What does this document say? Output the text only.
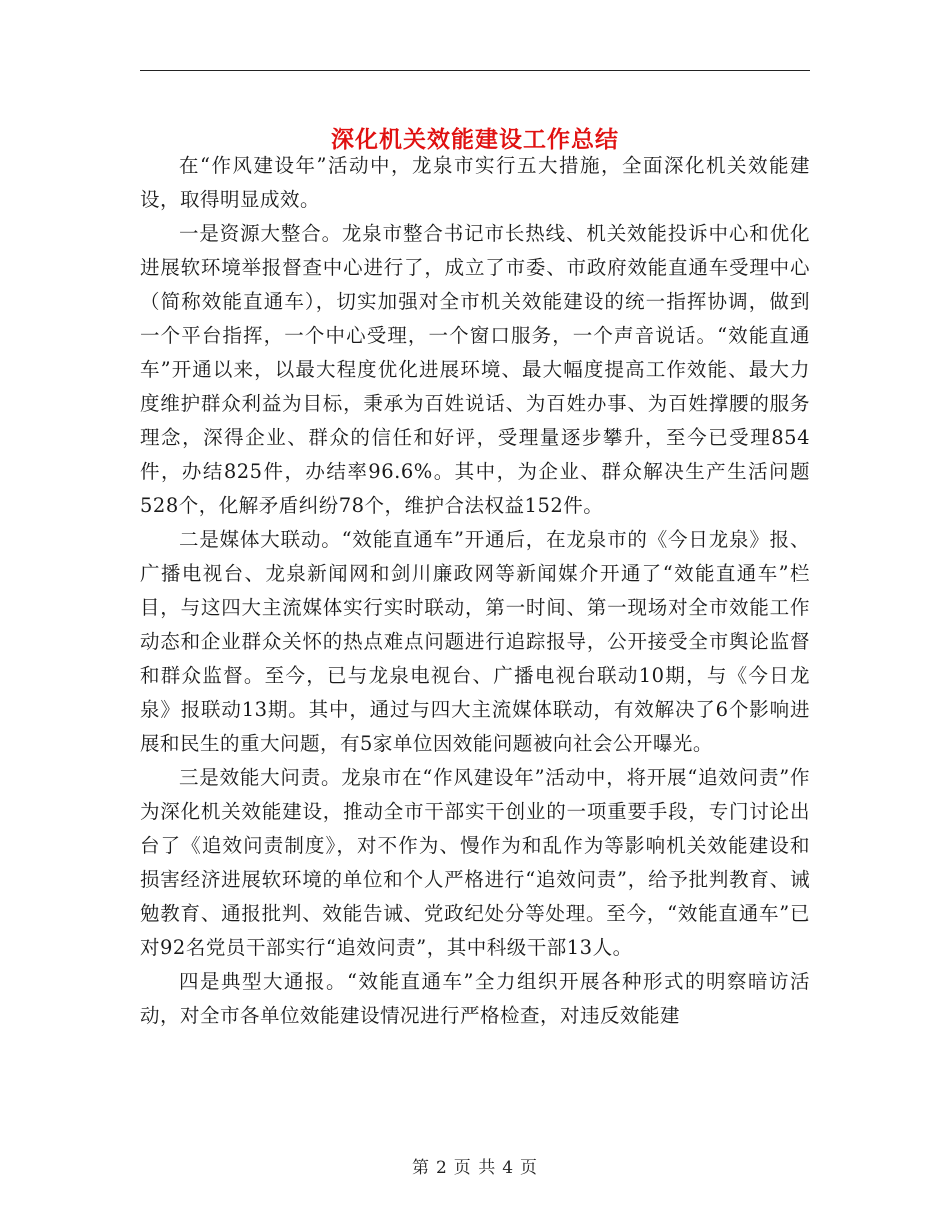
深化机关效能建设工作总结

在“作风建设年”活动中，龙泉市实行五大措施，全面深化机关效能建设，取得明显成效。

一是资源大整合。龙泉市整合书记市长热线、机关效能投诉中心和优化进展软环境举报督查中心进行了，成立了市委、市政府效能直通车受理中心（简称效能直通车），切实加强对全市机关效能建设的统一指挥协调，做到一个平台指挥，一个中心受理，一个窗口服务，一个声音说话。“效能直通车”开通以来，以最大程度优化进展环境、最大幅度提高工作效能、最大力度维护群众利益为目标，秉承为百姓说话、为百姓办事、为百姓撑腰的服务理念，深得企业、群众的信任和好评，受理量逐步攀升，至今已受理854件，办结825件，办结率96.6%。其中，为企业、群众解决生产生活问题528个，化解矛盾纠纷78个，维护合法权益152件。

二是媒体大联动。“效能直通车”开通后，在龙泉市的《今日龙泉》报、广播电视台、龙泉新闻网和剑川廉政网等新闻媒介开通了“效能直通车”栏目，与这四大主流媒体实行实时联动，第一时间、第一现场对全市效能工作动态和企业群众关怀的热点难点问题进行追踪报导，公开接受全市舆论监督和群众监督。至今，已与龙泉电视台、广播电视台联动10期，与《今日龙泉》报联动13期。其中，通过与四大主流媒体联动，有效解决了6个影响进展和民生的重大问题，有5家单位因效能问题被向社会公开曝光。

三是效能大问责。龙泉市在“作风建设年”活动中，将开展“追效问责”作为深化机关效能建设，推动全市干部实干创业的一项重要手段，专门讨论出台了《追效问责制度》，对不作为、慢作为和乱作为等影响机关效能建设和损害经济进展软环境的单位和个人严格进行“追效问责”，给予批判教育、诫勉教育、通报批判、效能告诫、党政纪处分等处理。至今，“效能直通车”已对92名党员干部实行“追效问责”，其中科级干部13人。

四是典型大通报。“效能直通车”全力组织开展各种形式的明察暗访活动，对全市各单位效能建设情况进行严格检查，对违反效能建

第 2 页 共 4 页
